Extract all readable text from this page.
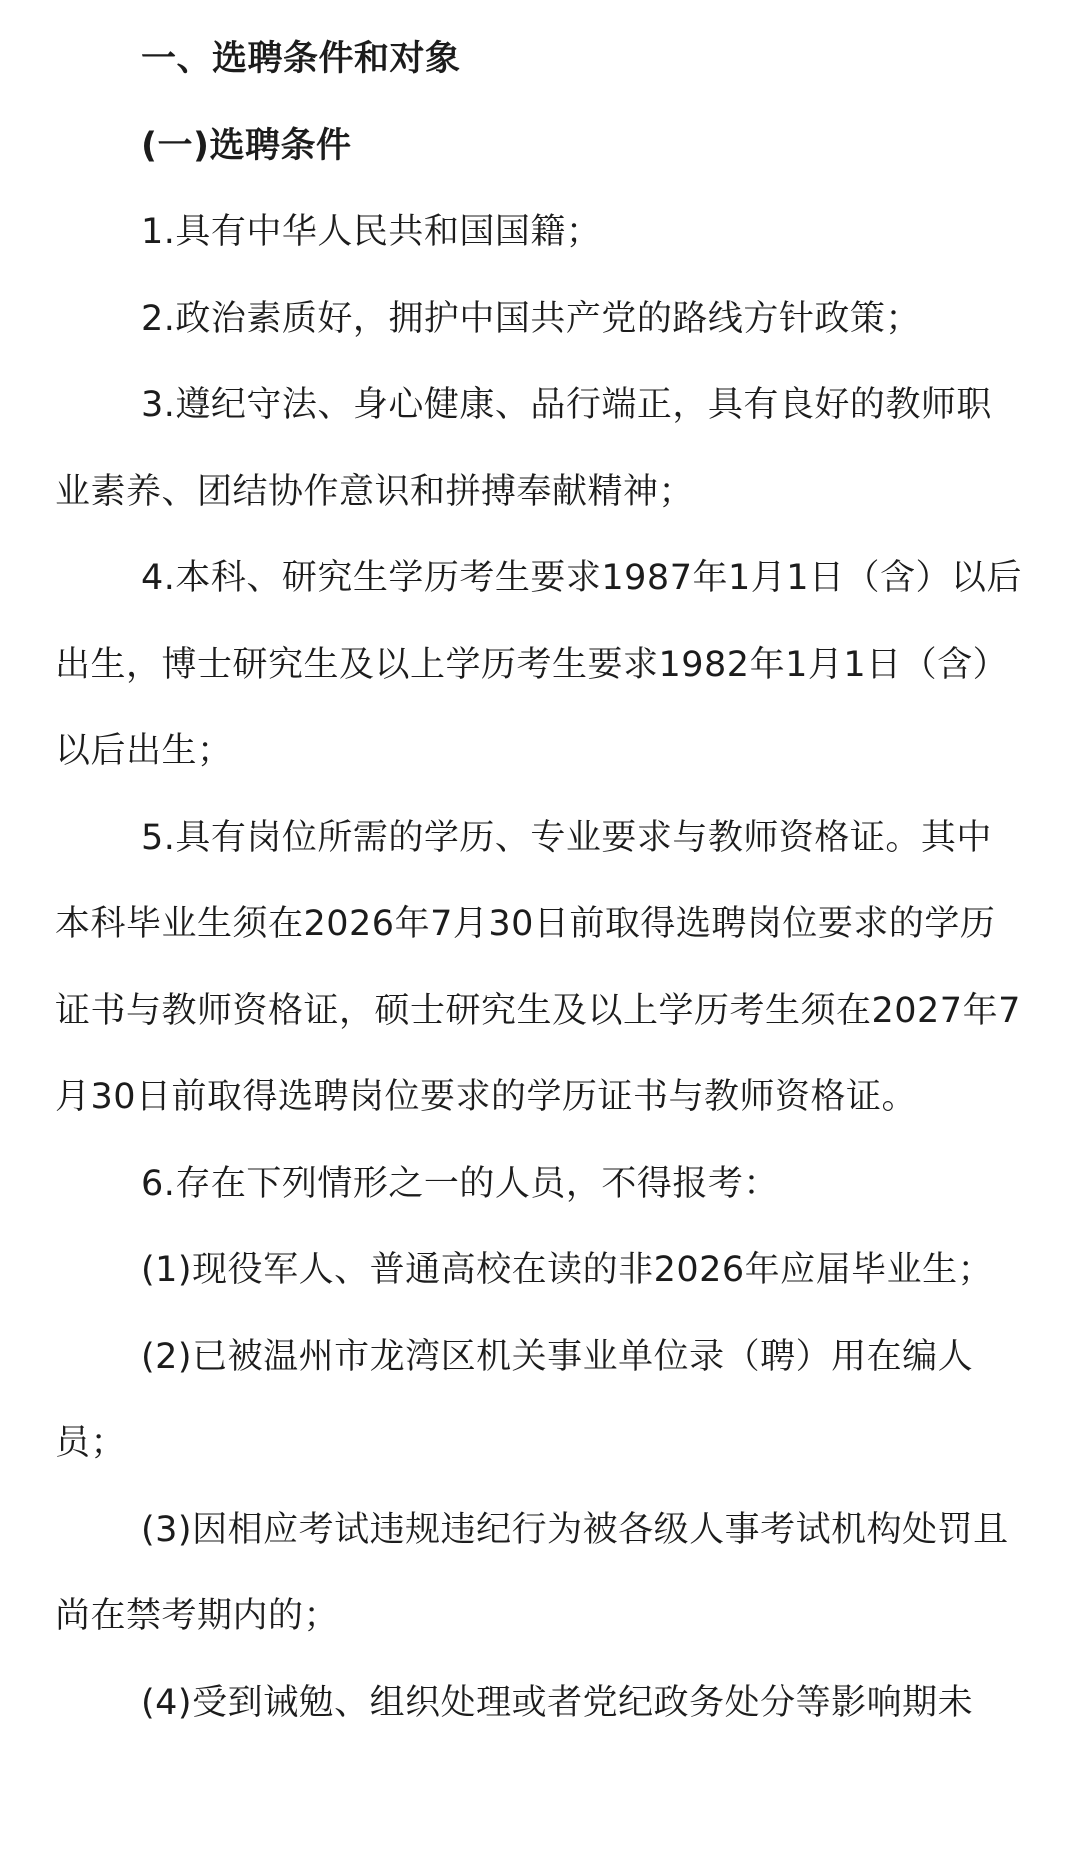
一、选聘条件和对象

(一)选聘条件

1.具有中华人民共和国国籍；

2.政治素质好，拥护中国共产党的路线方针政策；

3.遵纪守法、身心健康、品行端正，具有良好的教师职业素养、团结协作意识和拼搏奉献精神；

4.本科、研究生学历考生要求1987年1月1日（含）以后出生，博士研究生及以上学历考生要求1982年1月1日（含）以后出生；

5.具有岗位所需的学历、专业要求与教师资格证。其中本科毕业生须在2026年7月30日前取得选聘岗位要求的学历证书与教师资格证，硕士研究生及以上学历考生须在2027年7月30日前取得选聘岗位要求的学历证书与教师资格证。

6.存在下列情形之一的人员，不得报考：

(1)现役军人、普通高校在读的非2026年应届毕业生；

(2)已被温州市龙湾区机关事业单位录（聘）用在编人员；

(3)因相应考试违规违纪行为被各级人事考试机构处罚且尚在禁考期内的；

(4)受到诫勉、组织处理或者党纪政务处分等影响期未
